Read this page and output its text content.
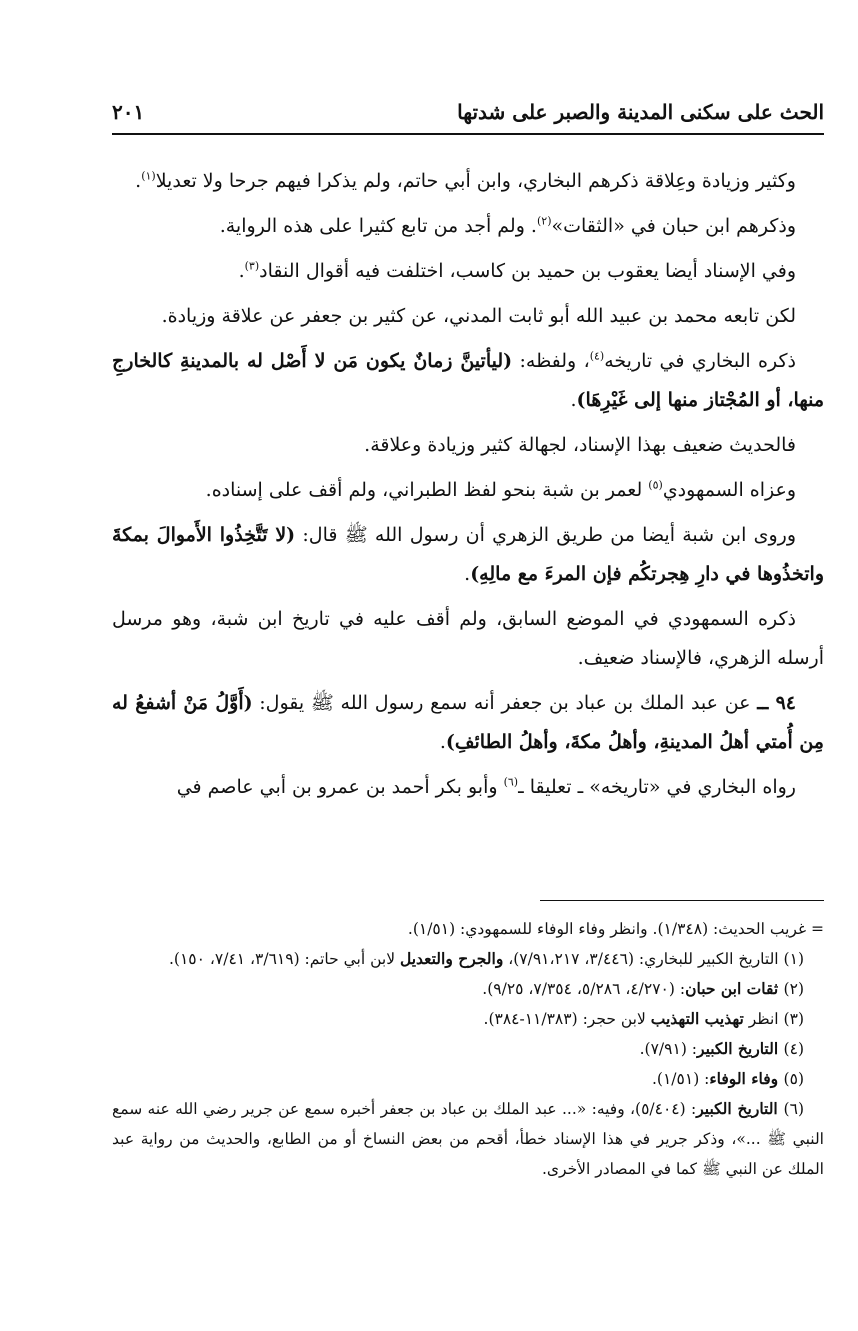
الحث على سكنى المدينة والصبر على شدتها
٢٠١

وكثير وزيادة وعِلاقة ذكرهم البخاري، وابن أبي حاتم، ولم يذكرا فيهم جرحا ولا تعديلا$^{(١)}$.

وذكرهم ابن حبان في «الثقات»$^{(٢)}$. ولم أجد من تابع كثيرا على هذه الرواية.

وفي الإسناد أيضا يعقوب بن حميد بن كاسب، اختلفت فيه أقوال النقاد$^{(٣)}$.

لكن تابعه محمد بن عبيد الله أبو ثابت المدني، عن كثير بن جعفر عن علاقة وزيادة.

ذكره البخاري في تاريخه$^{(٤)}$، ولفظه: (ليأتينَّ زمانٌ يكون مَن لا أَصْل له بالمدينةِ كالخارجِ منها، أو المُجْتاز منها إلى غَيْرِهَا).

فالحديث ضعيف بهذا الإسناد، لجهالة كثير وزيادة وعلاقة.

وعزاه السمهودي$^{(٥)}$ لعمر بن شبة بنحو لفظ الطبراني، ولم أقف على إسناده.

وروى ابن شبة أيضا من طريق الزهري أن رسول الله ﷺ قال: (لا تَتَّخِذُوا الأَموالَ بمكةَ واتخذُوها في دارِ هِجرتكُم فإن المرءَ مع مالِهِ).

ذكره السمهودي في الموضع السابق، ولم أقف عليه في تاريخ ابن شبة، وهو مرسل أرسله الزهري، فالإسناد ضعيف.

٩٤ ــ عن عبد الملك بن عباد بن جعفر أنه سمع رسول الله ﷺ يقول: (أَوَّلُ مَنْ أشفعُ له مِن أُمتي أهلُ المدينةِ، وأهلُ مكةَ، وأهلُ الطائفِ).

رواه البخاري في «تاريخه» ـ تعليقا ـ$^{(٦)}$ وأبو بكر أحمد بن عمرو بن أبي عاصم في

= غريب الحديث: (١/٣٤٨). وانظر وفاء الوفاء للسمهودي: (١/٥١).

(١) التاريخ الكبير للبخاري: (٣/٤٤٦، ٧/٩١،٢١٧)، والجرح والتعديل لابن أبي حاتم: (٣/٦١٩، ٧/٤١، ١٥٠).

(٢) ثقات ابن حبان: (٤/٢٧٠، ٥/٢٨٦، ٧/٣٥٤، ٩/٢٥).

(٣) انظر تهذيب التهذيب لابن حجر: (١١/٣٨٣-٣٨٤).

(٤) التاريخ الكبير: (٧/٩١).

(٥) وفاء الوفاء: (١/٥١).

(٦) التاريخ الكبير: (٥/٤٠٤)، وفيه: «... عبد الملك بن عباد بن جعفر أخبره سمع عن جرير رضي الله عنه سمع النبي ﷺ ...»، وذكر جرير في هذا الإسناد خطأ، أقحم من بعض النساخ أو من الطابع، والحديث من رواية عبد الملك عن النبي ﷺ كما في المصادر الأخرى.
